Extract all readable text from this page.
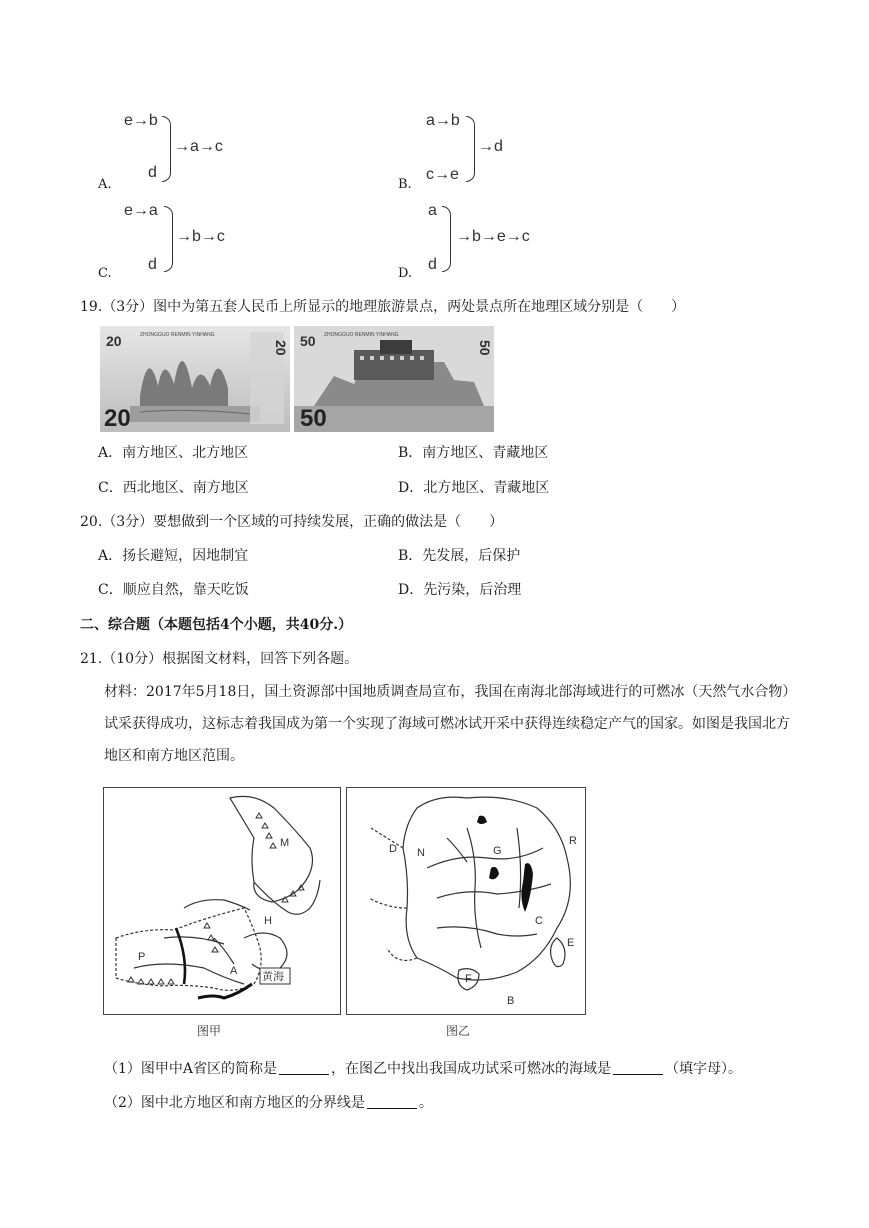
A.
e→b
d
→a→c
B.
a→b
c→e
→d
C.
e→a
d
→b→c
D.
a
d
→b→e→c
19.（3分）图中为第五套人民币上所显示的地理旅游景点，两处景点所在地理区域分别是（　　）
20	ZHONGGUO RENMIN YINHANG
20
20 50 ZHONGGUO RENMIN YINHANG
50
50
A．南方地区、北方地区	B．南方地区、青藏地区
C．西北地区、南方地区	D．北方地区、青藏地区
20.（3分）要想做到一个区域的可持续发展，正确的做法是（　　）
A．扬长避短，因地制宜	B．先发展，后保护
C．顺应自然，靠天吃饭	D．先污染，后治理
二、综合题（本题包括4个小题，共40分.）
21.（10分）根据图文材料，回答下列各题。
材料：2017年5月18日，国土资源部中国地质调查局宣布，我国在南海北部海域进行的可燃冰（天然气水合物）试采获得成功，这标志着我国成为第一个实现了海域可燃冰试开采中获得连续稳定产气的国家。如图是我国北方地区和南方地区范围。
黄海
M
H
P
A
图甲
D N	G
R
C
E
F
B
图乙
（1）图甲中A省区的简称是	，在图乙中找出我国成功试采可燃冰的海域是	（填字母）。
（2）图中北方地区和南方地区的分界线是	。
